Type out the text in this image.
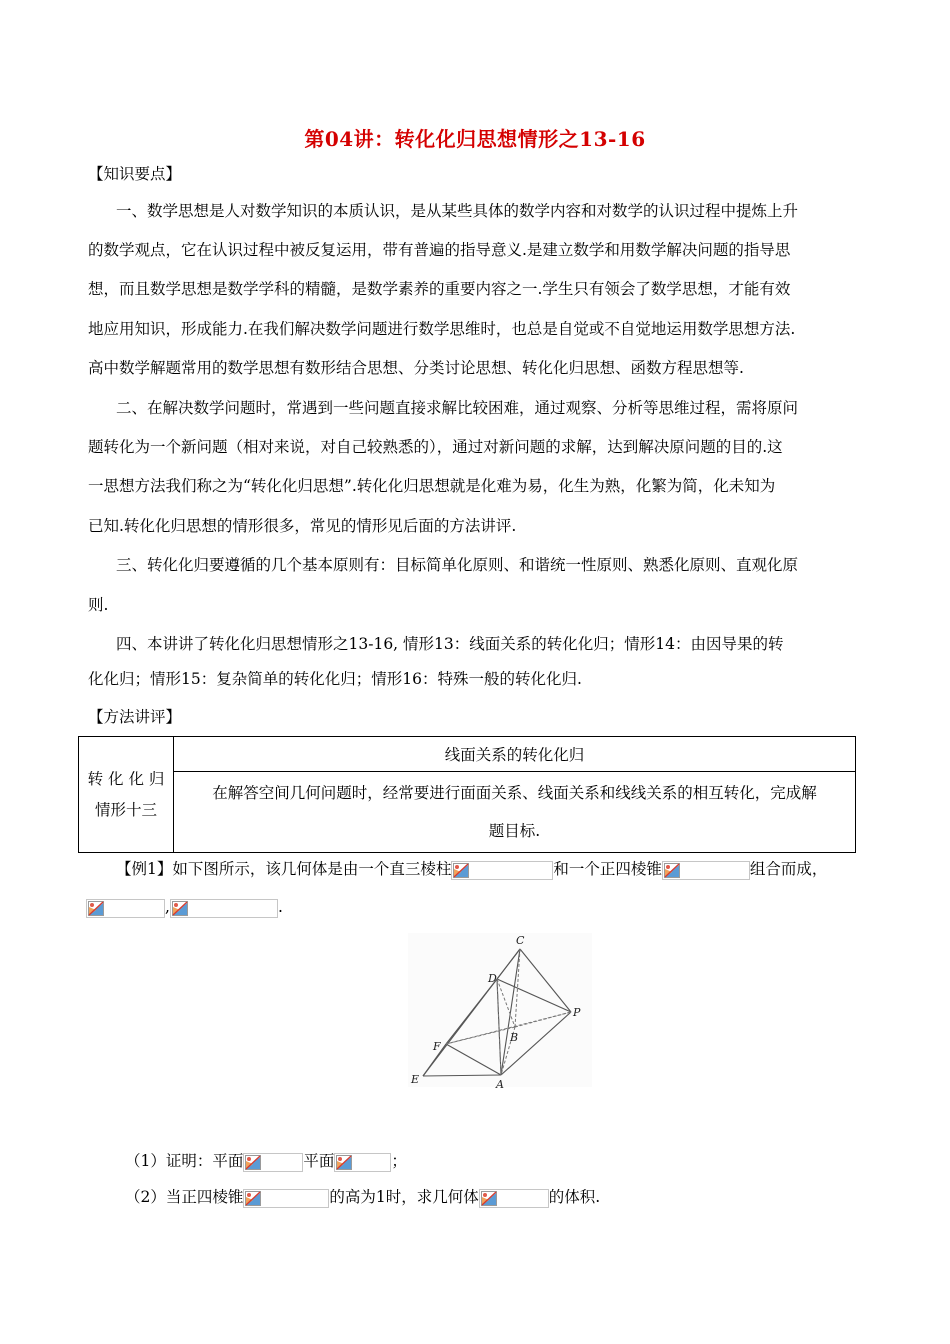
第04讲：转化化归思想情形之13-16
【知识要点】
一、数学思想是人对数学知识的本质认识，是从某些具体的数学内容和对数学的认识过程中提炼上升
的数学观点，它在认识过程中被反复运用，带有普遍的指导意义.是建立数学和用数学解决问题的指导思
想，而且数学思想是数学学科的精髓，是数学素养的重要内容之一.学生只有领会了数学思想，才能有效
地应用知识，形成能力.在我们解决数学问题进行数学思维时，也总是自觉或不自觉地运用数学思想方法.
高中数学解题常用的数学思想有数形结合思想、分类讨论思想、转化化归思想、函数方程思想等.
二、在解决数学问题时，常遇到一些问题直接求解比较困难，通过观察、分析等思维过程，需将原问
题转化为一个新问题（相对来说，对自己较熟悉的），通过对新问题的求解，达到解决原问题的目的.这
一思想方法我们称之为“转化化归思想”.转化化归思想就是化难为易，化生为熟，化繁为简，化未知为
已知.转化化归思想的情形很多，常见的情形见后面的方法讲评.
三、转化化归要遵循的几个基本原则有：目标简单化原则、和谐统一性原则、熟悉化原则、直观化原
则.
四、本讲讲了转化化归思想情形之13-16, 情形13：线面关系的转化化归；情形14：由因导果的转
化化归；情形15：复杂简单的转化化归；情形16：特殊一般的转化化归.
【方法讲评】
转 化 化 归
情形十三
	线面关系的转化化归

在解答空间几何问题时，经常要进行面面关系、线面关系和线线关系的相互转化，完成解
题目标.
【例1】如下图所示，该几何体是由一个直三棱柱	和一个正四棱锥	组合而成，
,	.
C
D
P
B
F
E	A
（1）证明：平面	平面	；
（2）当正四棱锥	的高为1时，求几何体	的体积.
